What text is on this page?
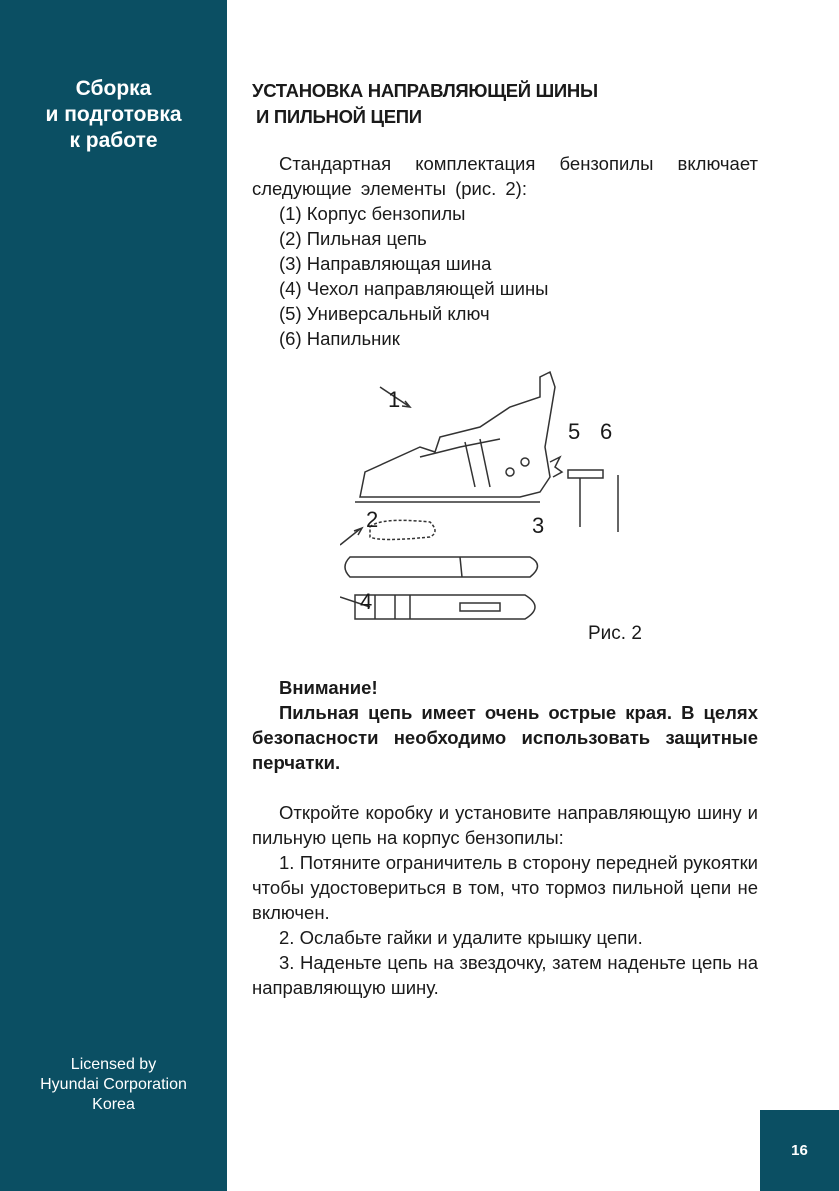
Сборка
и подготовка
к работе
Licensed by
Hyundai Corporation
Korea
УСТАНОВКА НАПРАВЛЯЮЩЕЙ ШИНЫ
И ПИЛЬНОЙ ЦЕПИ
Стандартная комплектация бензопилы включает следующие элементы (рис. 2):
(1) Корпус бензопилы
(2) Пильная цепь
(3) Направляющая шина
(4) Чехол направляющей шины
(5) Универсальный ключ
(6) Напильник
1
2	3
4
5 6
Рис. 2
Внимание!
Пильная цепь имеет очень острые края. В целях безопасности необходимо использовать защитные перчатки.
Откройте коробку и установите направляющую шину и пильную цепь на корпус бензопилы:
1. Потяните ограничитель в сторону передней рукоятки чтобы удостовериться в том, что тормоз пильной цепи не включен.
2. Ослабьте гайки и удалите крышку цепи.
3. Наденьте цепь на звездочку, затем наденьте цепь на направляющую шину.
16
